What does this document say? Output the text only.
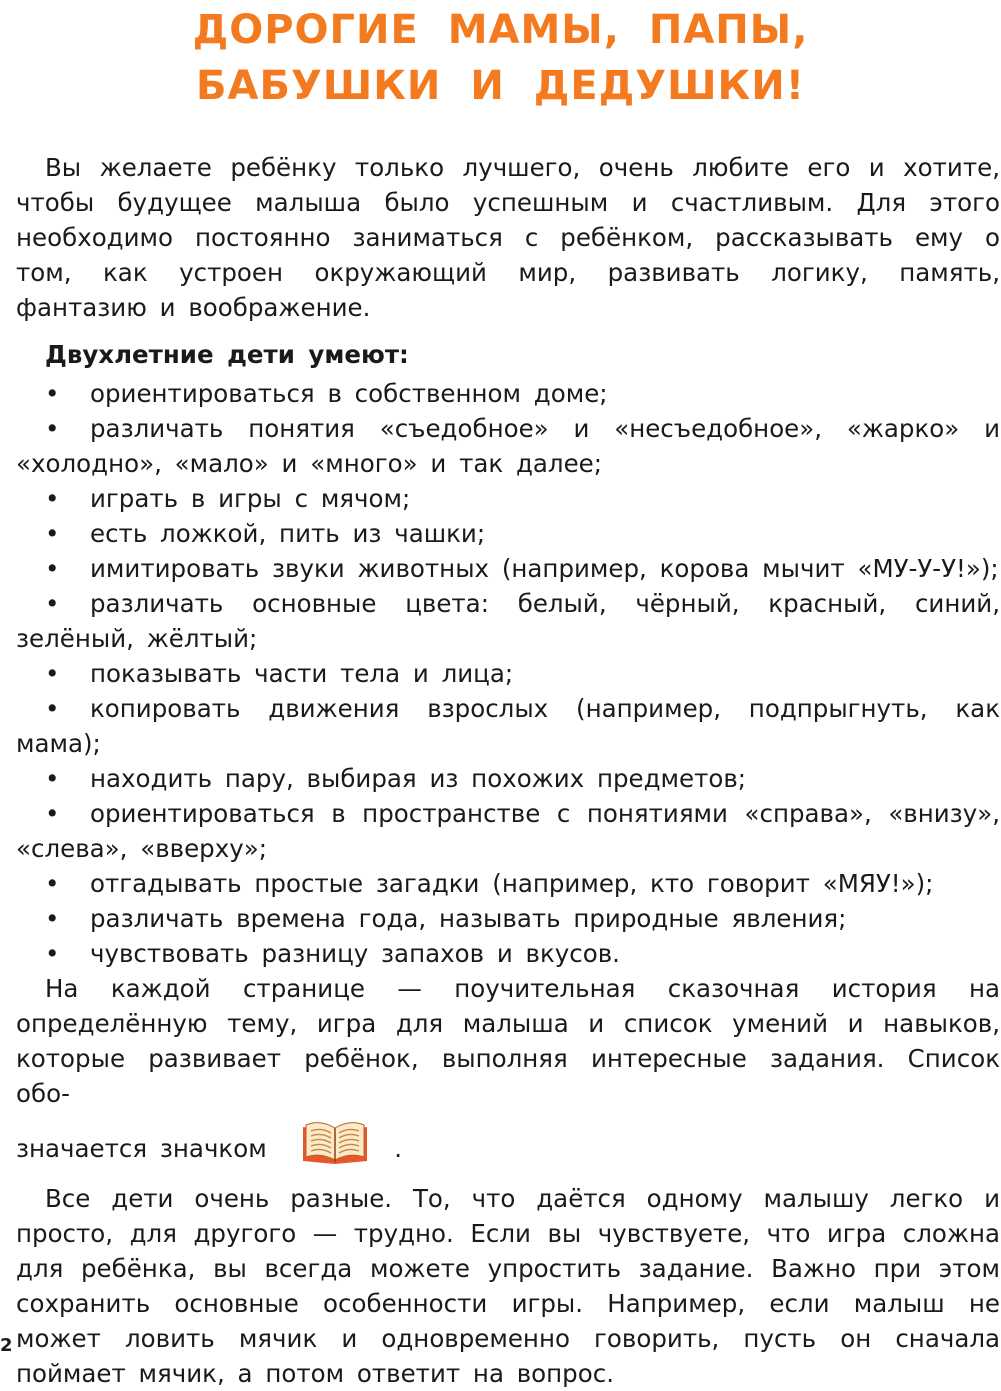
ДОРОГИЕ МАМЫ, ПАПЫ,
БАБУШКИ И ДЕДУШКИ!

Вы желаете ребёнку только лучшего, очень любите его и хотите, чтобы будущее малыша было успешным и счастливым. Для этого необходимо постоянно заниматься с ребёнком, рассказывать ему о том, как устроен окружающий мир, развивать логику, память, фантазию и воображение.

Двухлетние дети умеют:
• ориентироваться в собственном доме;
• различать понятия «съедобное» и «несъедобное», «жарко» и «холодно», «мало» и «много» и так далее;
• играть в игры с мячом;
• есть ложкой, пить из чашки;
• имитировать звуки животных (например, корова мычит «МУ-У-У!»);
• различать основные цвета: белый, чёрный, красный, синий, зелёный, жёлтый;
• показывать части тела и лица;
• копировать движения взрослых (например, подпрыгнуть, как мама);
• находить пару, выбирая из похожих предметов;
• ориентироваться в пространстве с понятиями «справа», «внизу», «слева», «вверху»;
• отгадывать простые загадки (например, кто говорит «МЯУ!»);
• различать времена года, называть природные явления;
• чувствовать разницу запахов и вкусов.

На каждой странице — поучительная сказочная история на определённую тему, игра для малыша и список умений и навыков, которые развивает ребёнок, выполняя интересные задания. Список обо-

значается значком	.

Все дети очень разные. То, что даётся одному малышу легко и просто, для другого — трудно. Если вы чувствуете, что игра сложна для ребёнка, вы всегда можете упростить задание. Важно при этом сохранить основные особенности игры. Например, если малыш не может ловить мячик и одновременно говорить, пусть он сначала поймает мячик, а потом ответит на вопрос.

2
